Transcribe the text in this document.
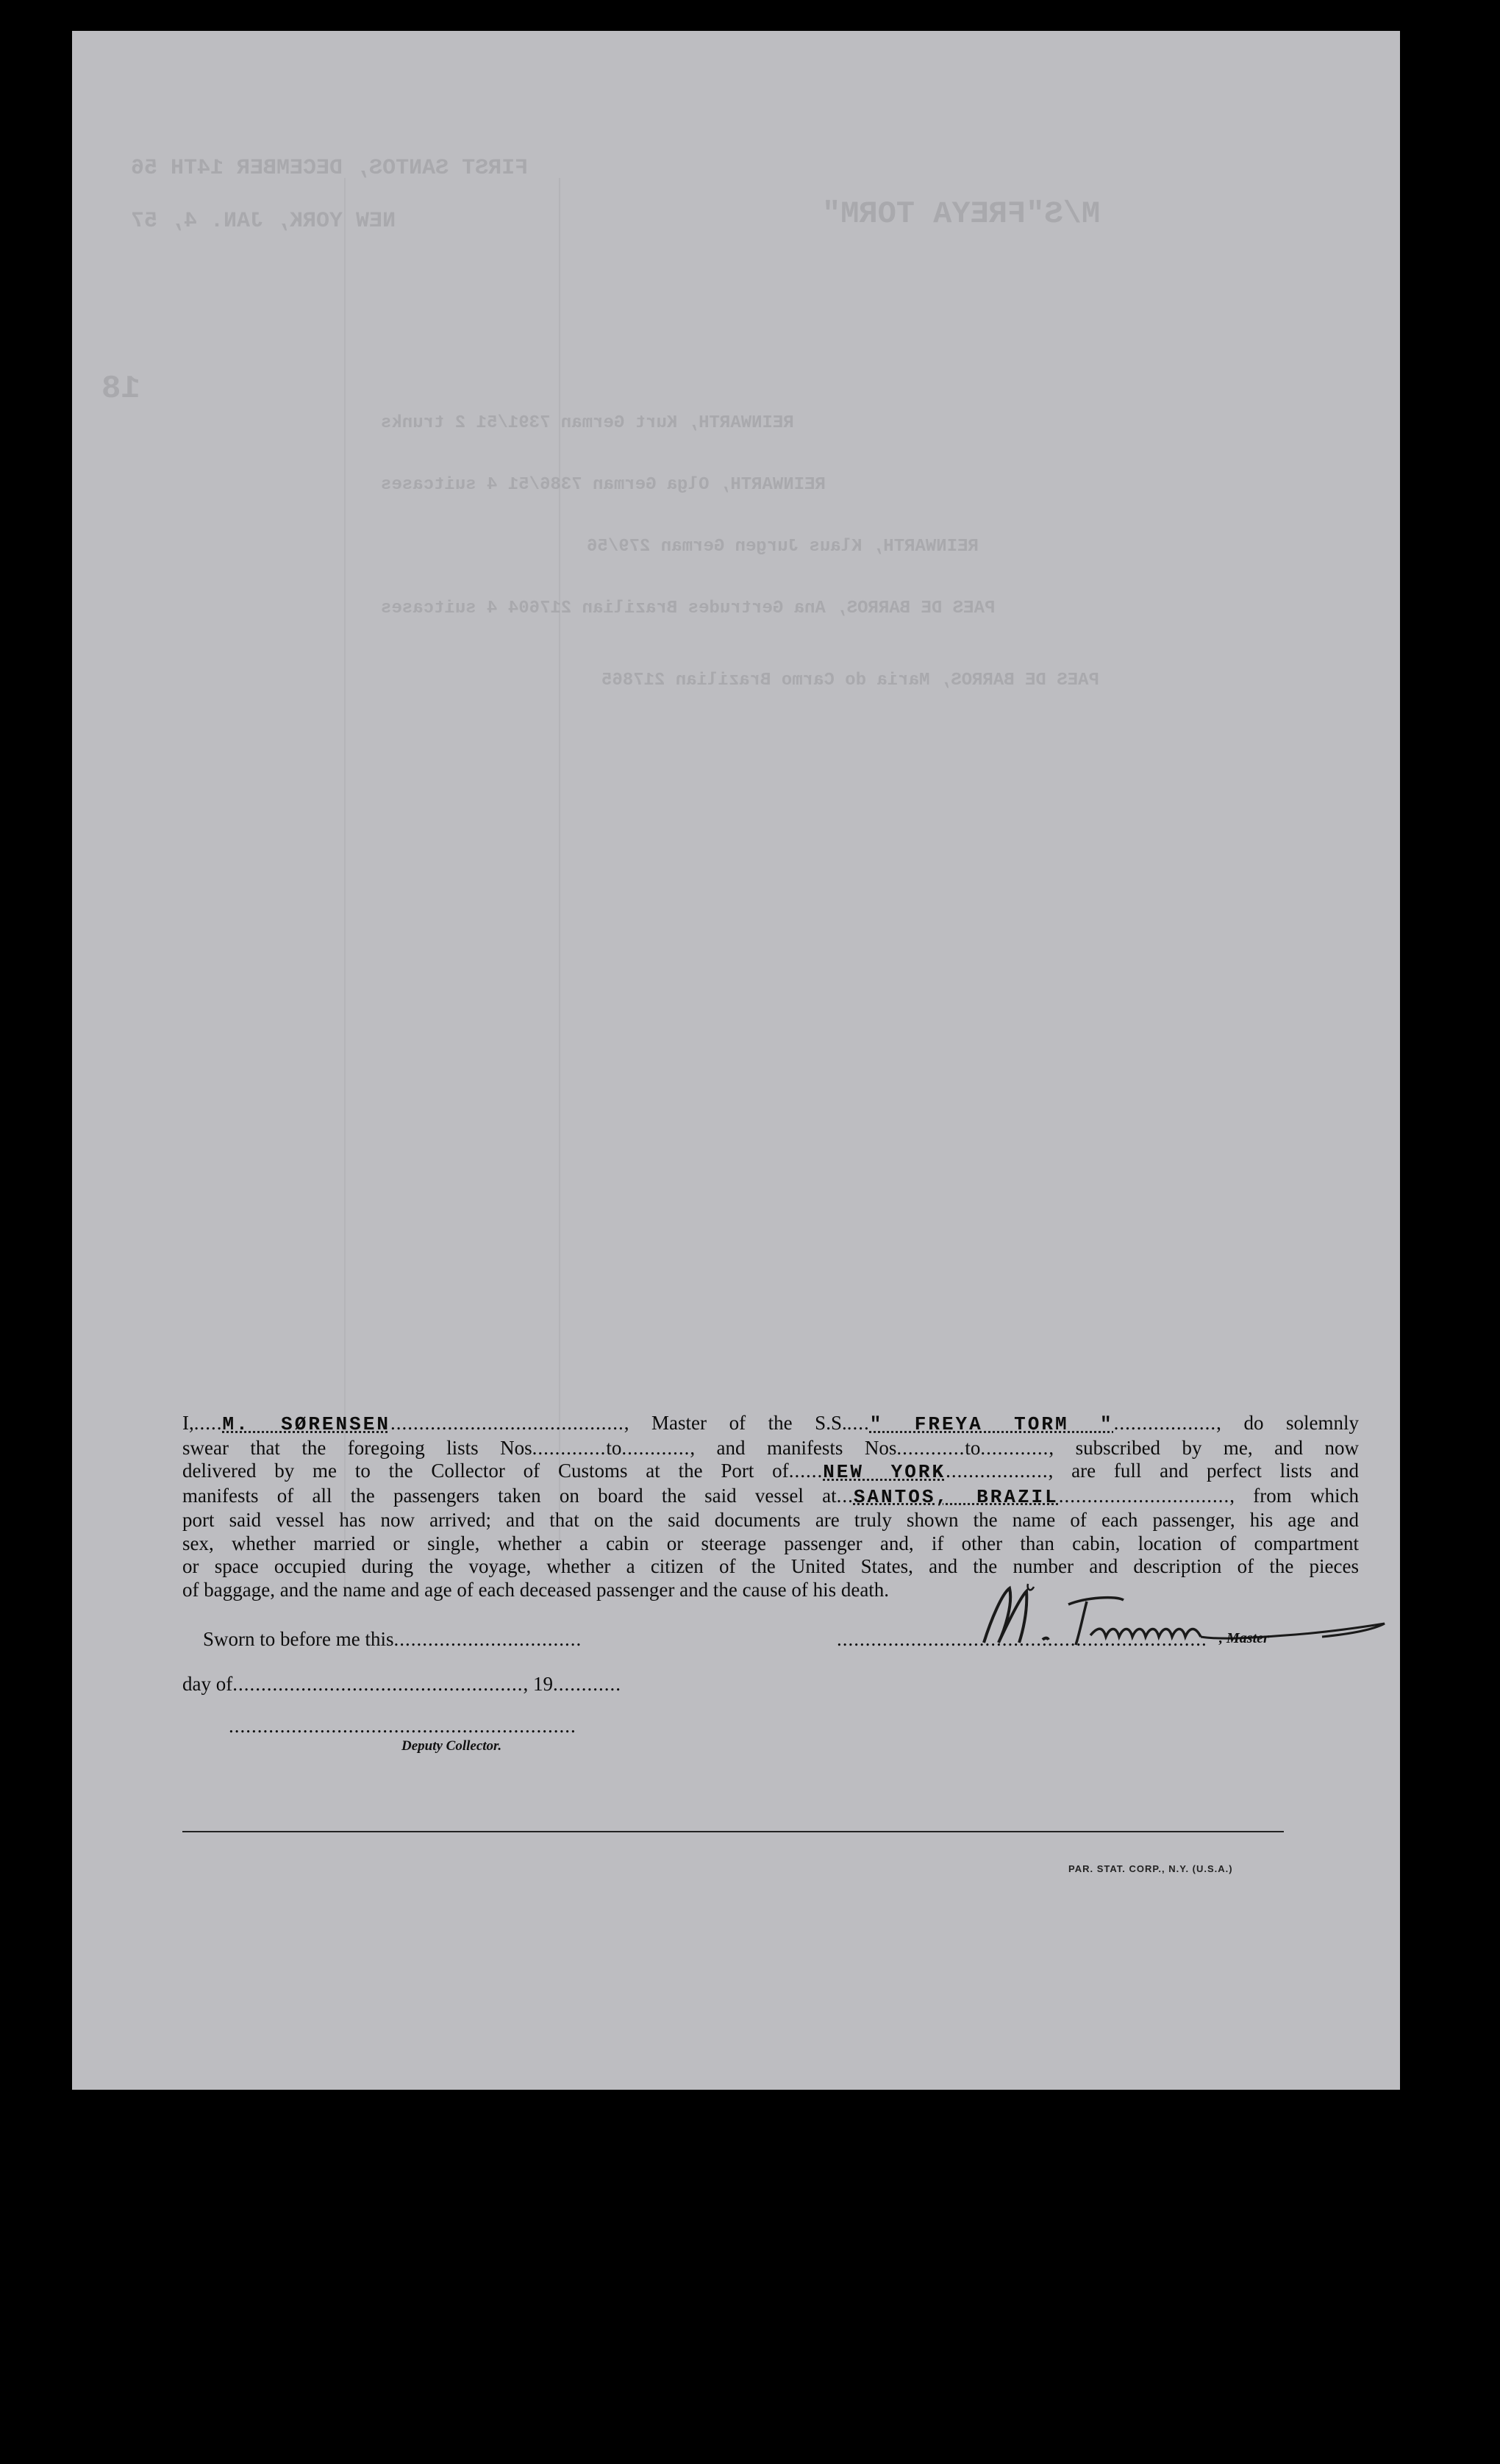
FIRST SANTOS, DECEMBER 14TH 56
M/S"FREYA TORM"
NEW YORK, JAN. 4, 57
18
REINWARTH, Kurt German 7391/51 2 trunks
REINWARTH, Olga German 7386/51 4 suitcases
REINWARTH, Klaus Jurgen German 279/56
PAES DE BARROS, Ana Gertrudes Brazilian 217604 4 suitcases
PAES DE BARROS, Maria do Carmo Brazilian 217865
I,.....M. SØRENSEN........................................., Master of the S.S....." FREYA TORM ".................., do solemnly
swear that the foregoing lists Nos.............to............, and manifests Nos............to............, subscribed by me, and now
delivered by me to the Collector of Customs at the Port of......NEW YORK.................., are full and perfect lists and
manifests of all the passengers taken on board the said vessel at...SANTOS, BRAZIL.............................., from which
port said vessel has now arrived; and that on the said documents are truly shown the name of each passenger, his age and
sex, whether married or single, whether a cabin or steerage passenger and, if other than cabin, location of compartment
or space occupied during the voyage, whether a citizen of the United States, and the number and description of the pieces
of baggage, and the name and age of each deceased passenger and the cause of his death.
Sworn to before me this.................................
day of..................................................., 19............
.............................................................
Deputy Collector.
................................................................. , Master
PAR. STAT. CORP., N.Y. (U.S.A.)
